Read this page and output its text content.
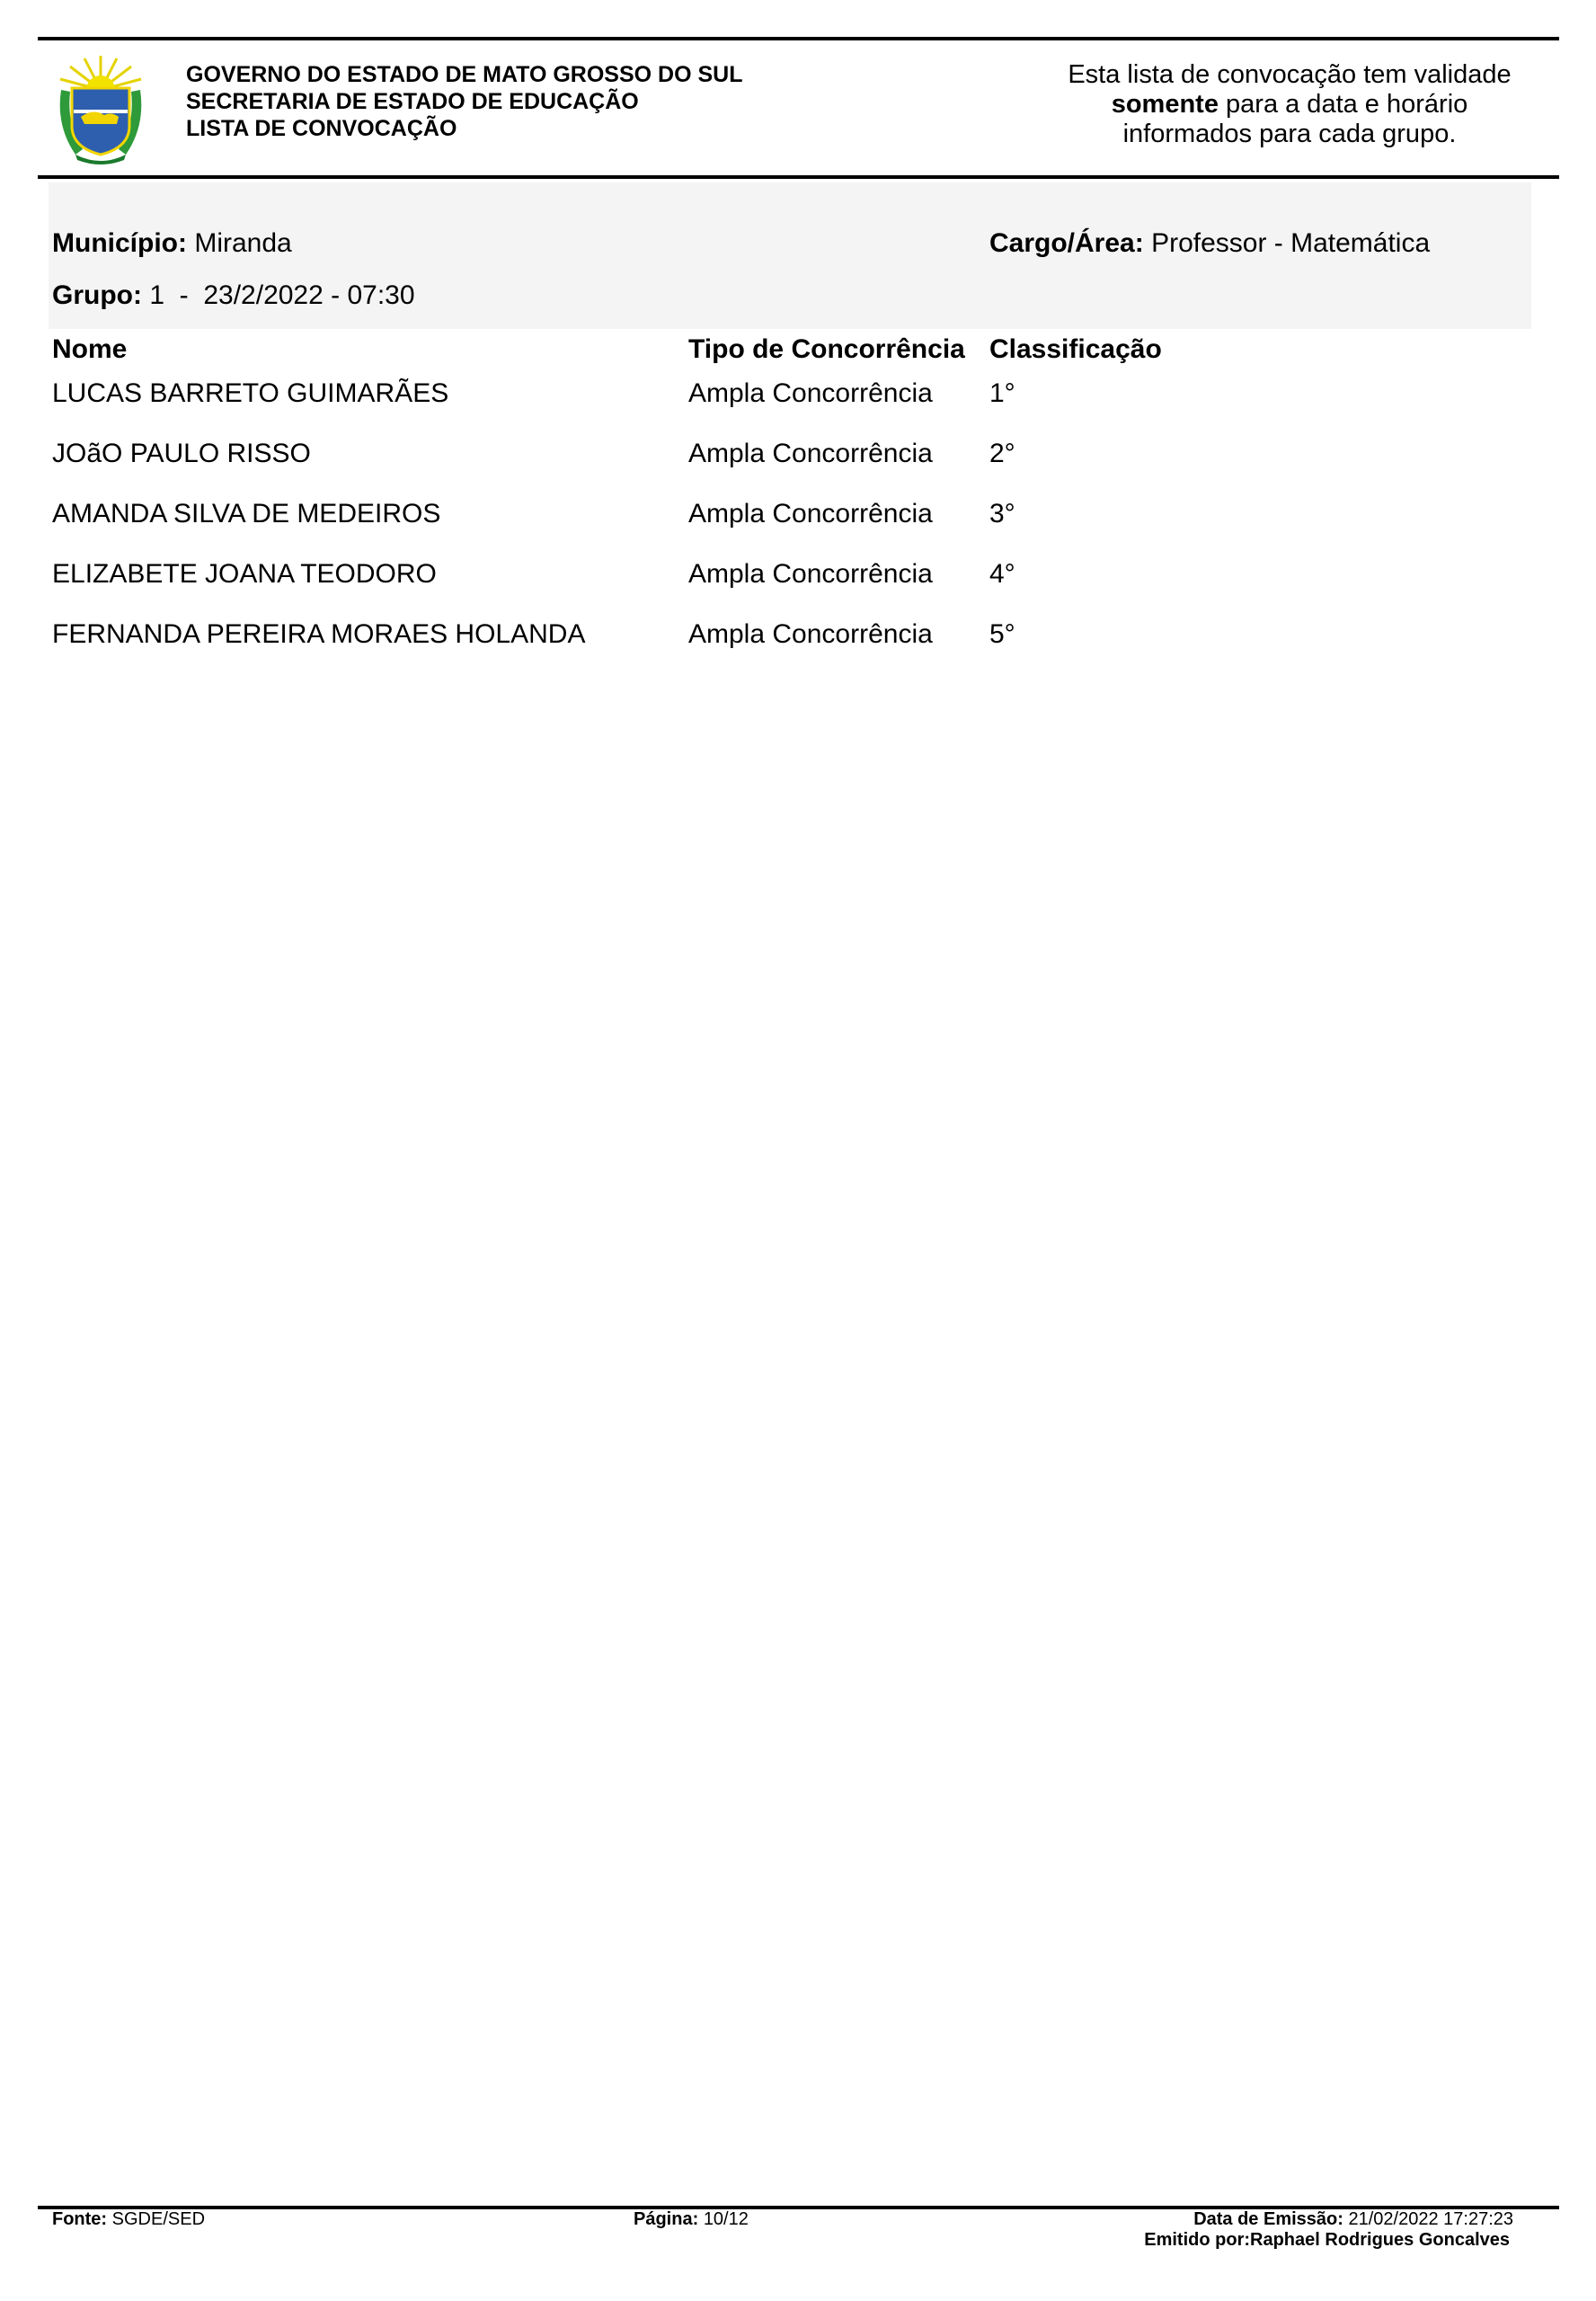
GOVERNO DO ESTADO DE MATO GROSSO DO SUL
SECRETARIA DE ESTADO DE EDUCAÇÃO
LISTA DE CONVOCAÇÃO
Esta lista de convocação tem validade
somente para a data e horário
informados para cada grupo.
Município: Miranda	Cargo/Área: Professor - Matemática
Grupo: 1  -  23/2/2022 - 07:30
Nome	Tipo de Concorrência Classificação
LUCAS BARRETO GUIMARÃES	Ampla Concorrência 1°
JOãO PAULO RISSO	Ampla Concorrência 2°
AMANDA SILVA DE MEDEIROS	Ampla Concorrência 3°
ELIZABETE JOANA TEODORO	Ampla Concorrência 4°
FERNANDA PEREIRA MORAES HOLANDA	Ampla Concorrência 5°
Fonte: SGDE/SED	Página: 10/12	Data de Emissão: 21/02/2022 17:27:23
Emitido por:Raphael Rodrigues Goncalves
